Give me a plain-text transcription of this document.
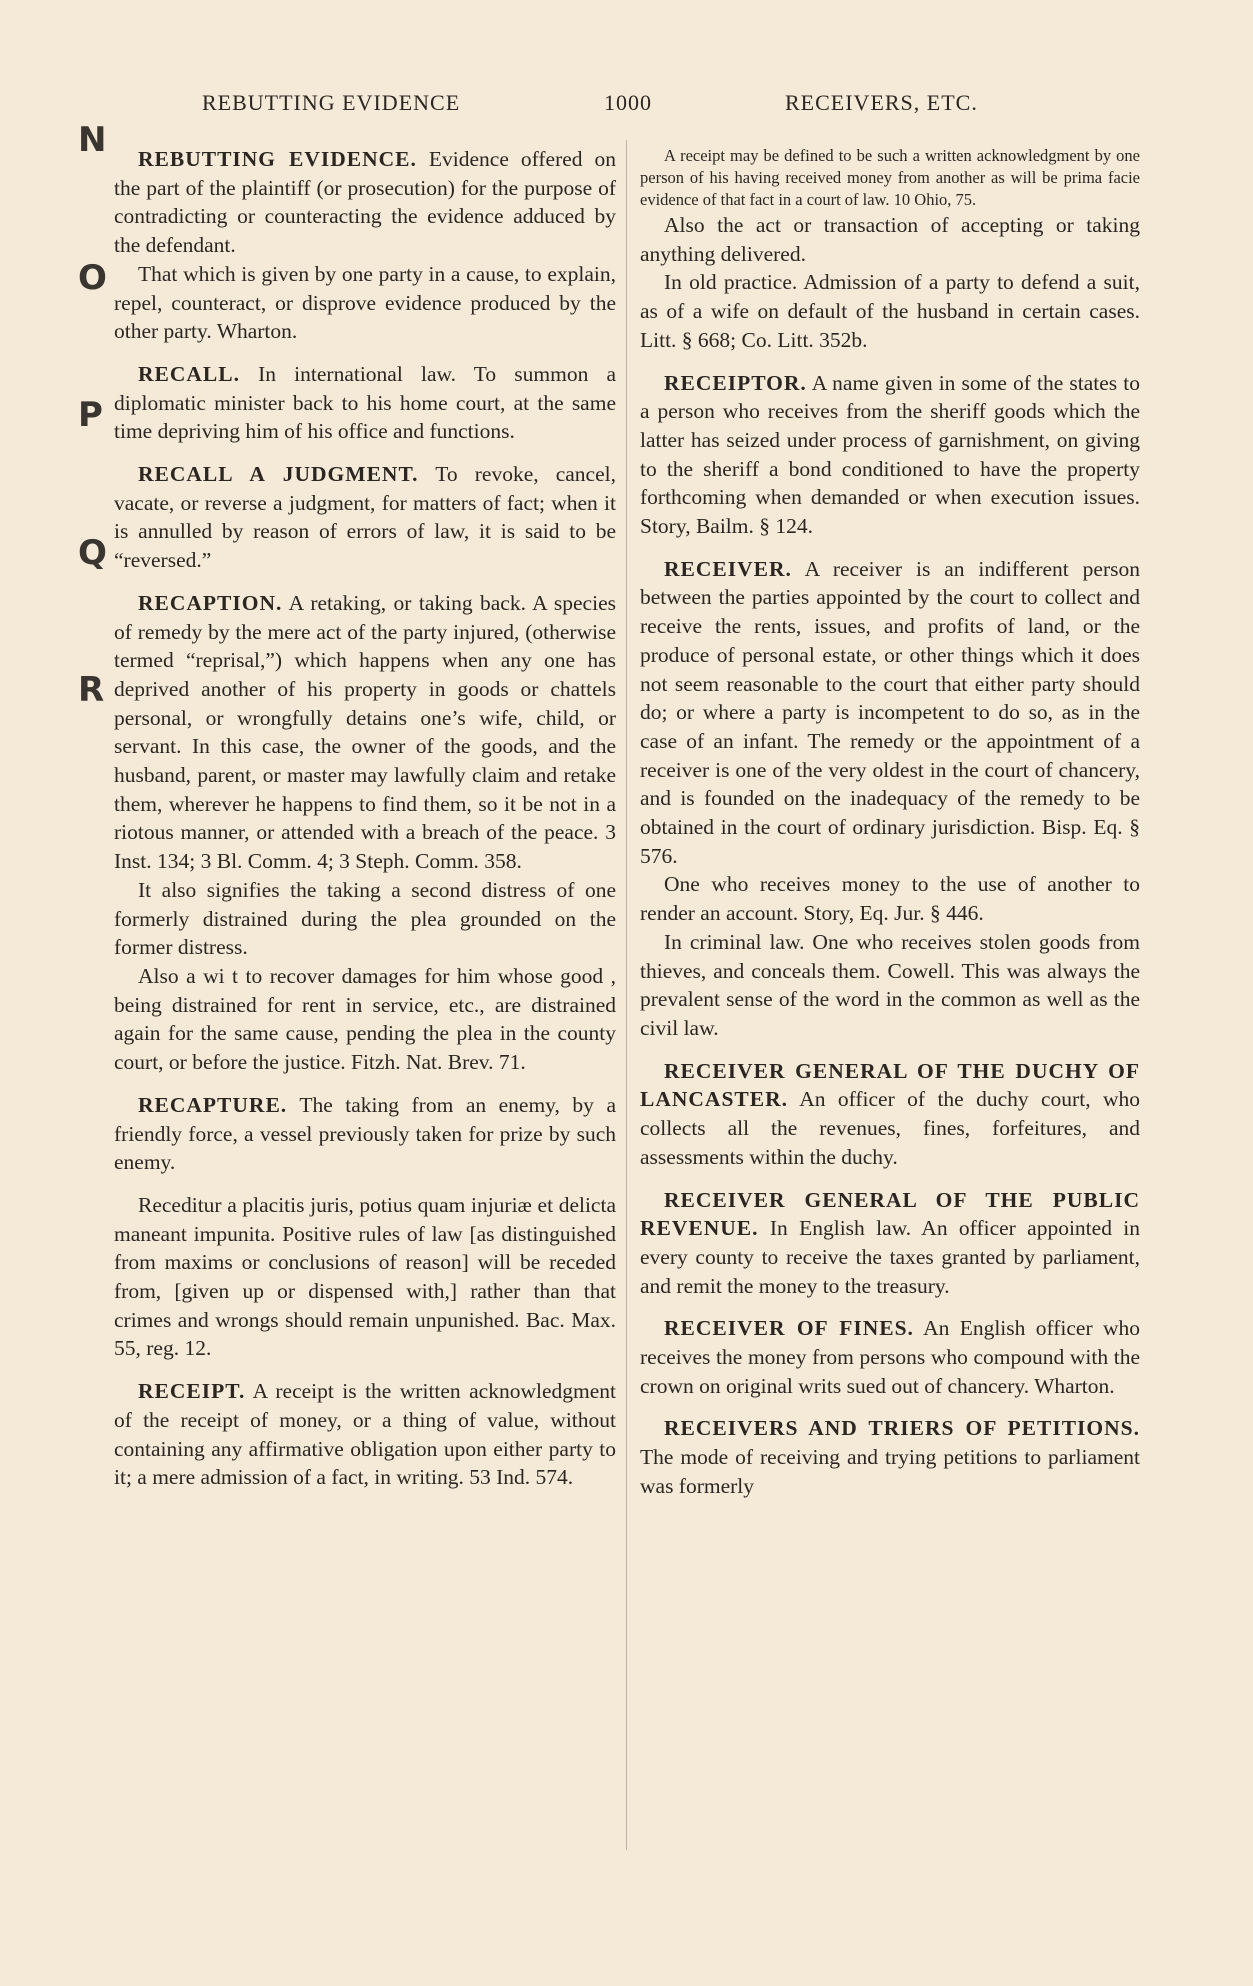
REBUTTING EVIDENCE	1000	RECEIVERS, ETC.
N
O
P
Q
R

REBUTTING EVIDENCE. Evidence offered on the part of the plaintiff (or prosecution) for the purpose of contradicting or counteracting the evidence adduced by the defendant.

That which is given by one party in a cause, to explain, repel, counteract, or disprove evidence produced by the other party. Wharton.

RECALL. In international law. To summon a diplomatic minister back to his home court, at the same time depriving him of his office and functions.

RECALL A JUDGMENT. To revoke, cancel, vacate, or reverse a judgment, for matters of fact; when it is annulled by reason of errors of law, it is said to be “reversed.”

RECAPTION. A retaking, or taking back. A species of remedy by the mere act of the party injured, (otherwise termed “reprisal,”) which happens when any one has deprived another of his property in goods or chattels personal, or wrongfully detains one’s wife, child, or servant. In this case, the owner of the goods, and the husband, parent, or master may lawfully claim and retake them, wherever he happens to find them, so it be not in a riotous manner, or attended with a breach of the peace. 3 Inst. 134; 3 Bl. Comm. 4; 3 Steph. Comm. 358.

It also signifies the taking a second distress of one formerly distrained during the plea grounded on the former distress.

Also a wi t to recover damages for him whose good , being distrained for rent in service, etc., are distrained again for the same cause, pending the plea in the county court, or before the justice. Fitzh. Nat. Brev. 71.

RECAPTURE. The taking from an enemy, by a friendly force, a vessel previously taken for prize by such enemy.

Receditur a placitis juris, potius quam injuriæ et delicta maneant impunita. Positive rules of law [as distinguished from maxims or conclusions of reason] will be receded from, [given up or dispensed with,] rather than that crimes and wrongs should remain unpunished. Bac. Max. 55, reg. 12.

RECEIPT. A receipt is the written acknowledgment of the receipt of money, or a thing of value, without containing any affirmative obligation upon either party to it; a mere admission of a fact, in writing. 53 Ind. 574.

A receipt may be defined to be such a written acknowledgment by one person of his having received money from another as will be prima facie evidence of that fact in a court of law. 10 Ohio, 75.

Also the act or transaction of accepting or taking anything delivered.

In old practice. Admission of a party to defend a suit, as of a wife on default of the husband in certain cases. Litt. § 668; Co. Litt. 352b.

RECEIPTOR. A name given in some of the states to a person who receives from the sheriff goods which the latter has seized under process of garnishment, on giving to the sheriff a bond conditioned to have the property forthcoming when demanded or when execution issues. Story, Bailm. § 124.

RECEIVER. A receiver is an indifferent person between the parties appointed by the court to collect and receive the rents, issues, and profits of land, or the produce of personal estate, or other things which it does not seem reasonable to the court that either party should do; or where a party is incompetent to do so, as in the case of an infant. The remedy or the appointment of a receiver is one of the very oldest in the court of chancery, and is founded on the inadequacy of the remedy to be obtained in the court of ordinary jurisdiction. Bisp. Eq. § 576.

One who receives money to the use of another to render an account. Story, Eq. Jur. § 446.

In criminal law. One who receives stolen goods from thieves, and conceals them. Cowell. This was always the prevalent sense of the word in the common as well as the civil law.

RECEIVER GENERAL OF THE DUCHY OF LANCASTER. An officer of the duchy court, who collects all the revenues, fines, forfeitures, and assessments within the duchy.

RECEIVER GENERAL OF THE PUBLIC REVENUE. In English law. An officer appointed in every county to receive the taxes granted by parliament, and remit the money to the treasury.

RECEIVER OF FINES. An English officer who receives the money from persons who compound with the crown on original writs sued out of chancery. Wharton.

RECEIVERS AND TRIERS OF PETITIONS. The mode of receiving and trying petitions to parliament was formerly
